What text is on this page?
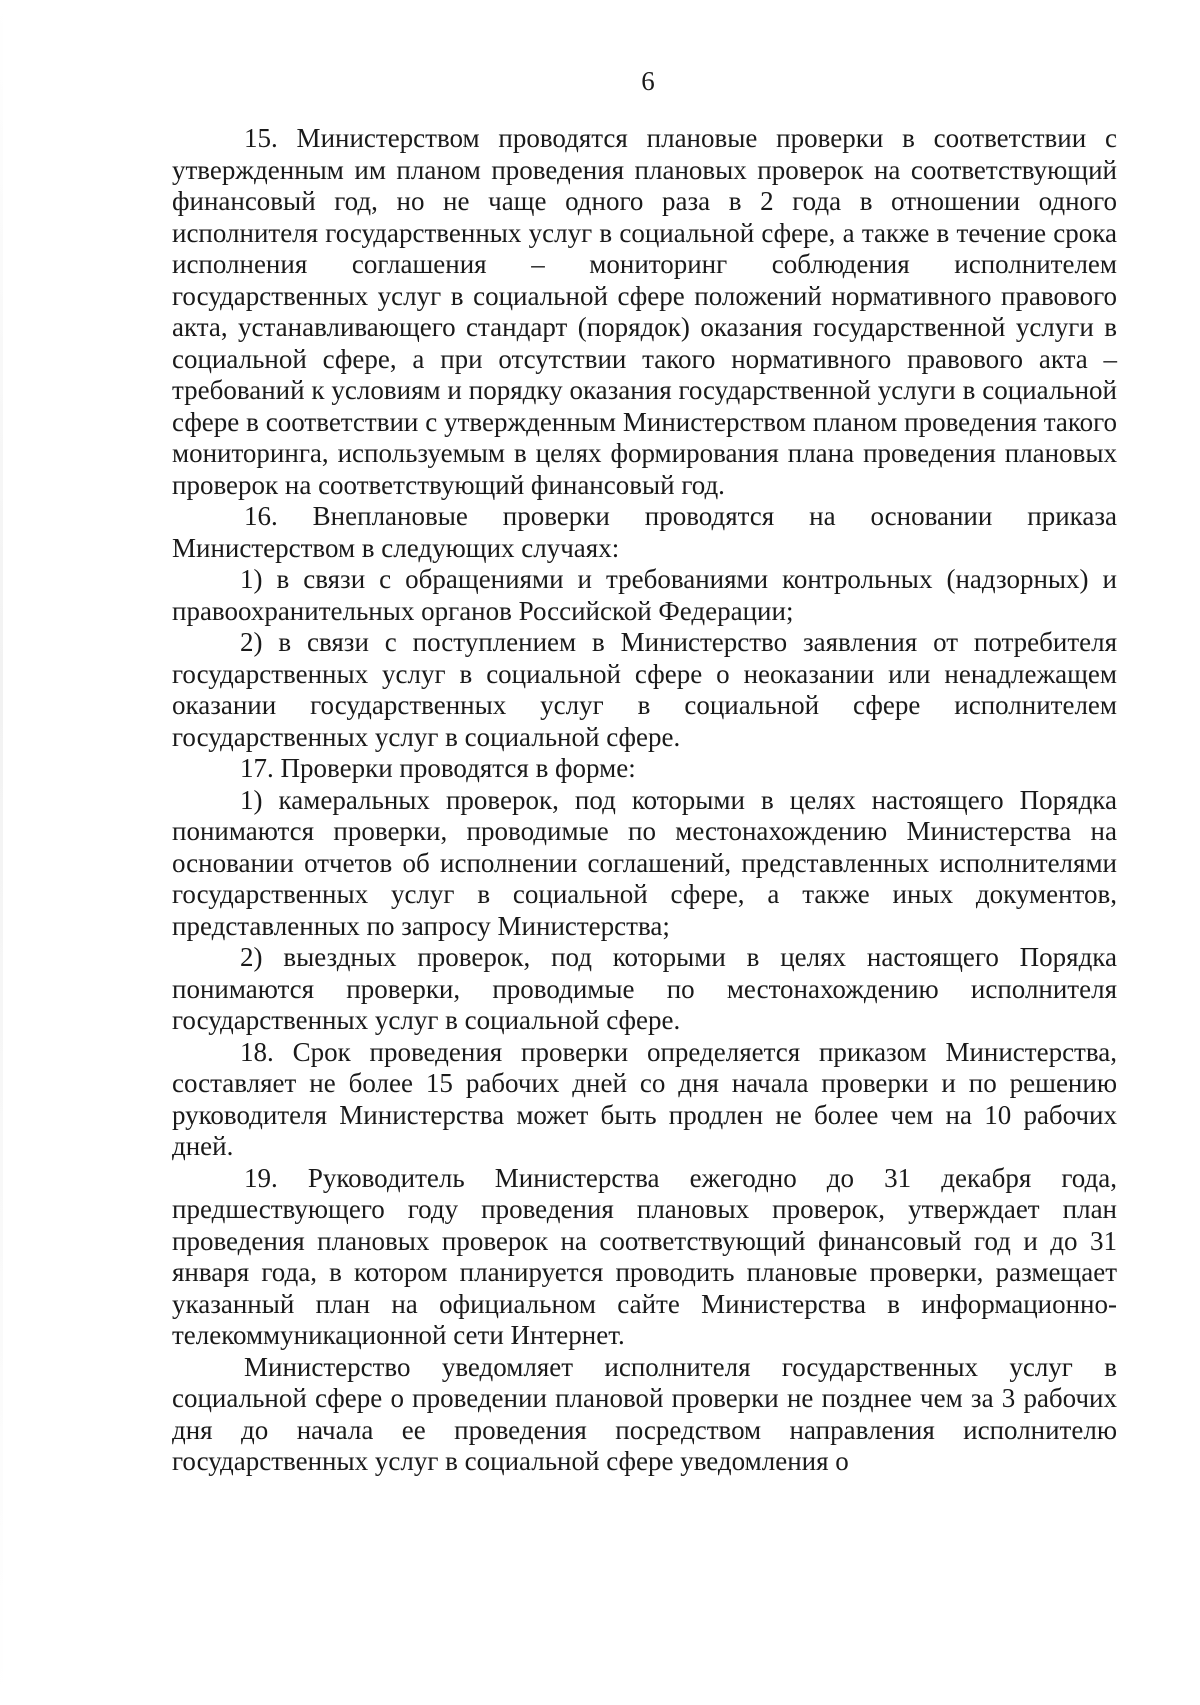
6

15. Министерством проводятся плановые проверки в соответствии с утвержденным им планом проведения плановых проверок на соответствующий финансовый год, но не чаще одного раза в 2 года в отношении одного исполнителя государственных услуг в социальной сфере, а также в течение срока исполнения соглашения – мониторинг соблюдения исполнителем государственных услуг в социальной сфере положений нормативного правового акта, устанавливающего стандарт (порядок) оказания государственной услуги в социальной сфере, а при отсутствии такого нормативного правового акта – требований к условиям и порядку оказания государственной услуги в социальной сфере в соответствии с утвержденным Министерством планом проведения такого мониторинга, используемым в целях формирования плана проведения плановых проверок на соответствующий финансовый год.

16. Внеплановые проверки проводятся на основании приказа Министерством в следующих случаях:

1) в связи с обращениями и требованиями контрольных (надзорных) и правоохранительных органов Российской Федерации;

2) в связи с поступлением в Министерство заявления от потребителя государственных услуг в социальной сфере о неоказании или ненадлежащем оказании государственных услуг в социальной сфере исполнителем государственных услуг в социальной сфере.

17. Проверки проводятся в форме:

1) камеральных проверок, под которыми в целях настоящего Порядка понимаются проверки, проводимые по местонахождению Министерства на основании отчетов об исполнении соглашений, представленных исполнителями государственных услуг в социальной сфере, а также иных документов, представленных по запросу Министерства;

2) выездных проверок, под которыми в целях настоящего Порядка понимаются проверки, проводимые по местонахождению исполнителя государственных услуг в социальной сфере.

18. Срок проведения проверки определяется приказом Министерства, составляет не более 15 рабочих дней со дня начала проверки и по решению руководителя Министерства может быть продлен не более чем на 10 рабочих дней.

19. Руководитель Министерства ежегодно до 31 декабря года, предшествующего году проведения плановых проверок, утверждает план проведения плановых проверок на соответствующий финансовый год и до 31 января года, в котором планируется проводить плановые проверки, размещает указанный план на официальном сайте Министерства в информационно-телекоммуникационной сети Интернет.

Министерство уведомляет исполнителя государственных услуг в социальной сфере о проведении плановой проверки не позднее чем за 3 рабочих дня до начала ее проведения посредством направления исполнителю государственных услуг в социальной сфере уведомления о
